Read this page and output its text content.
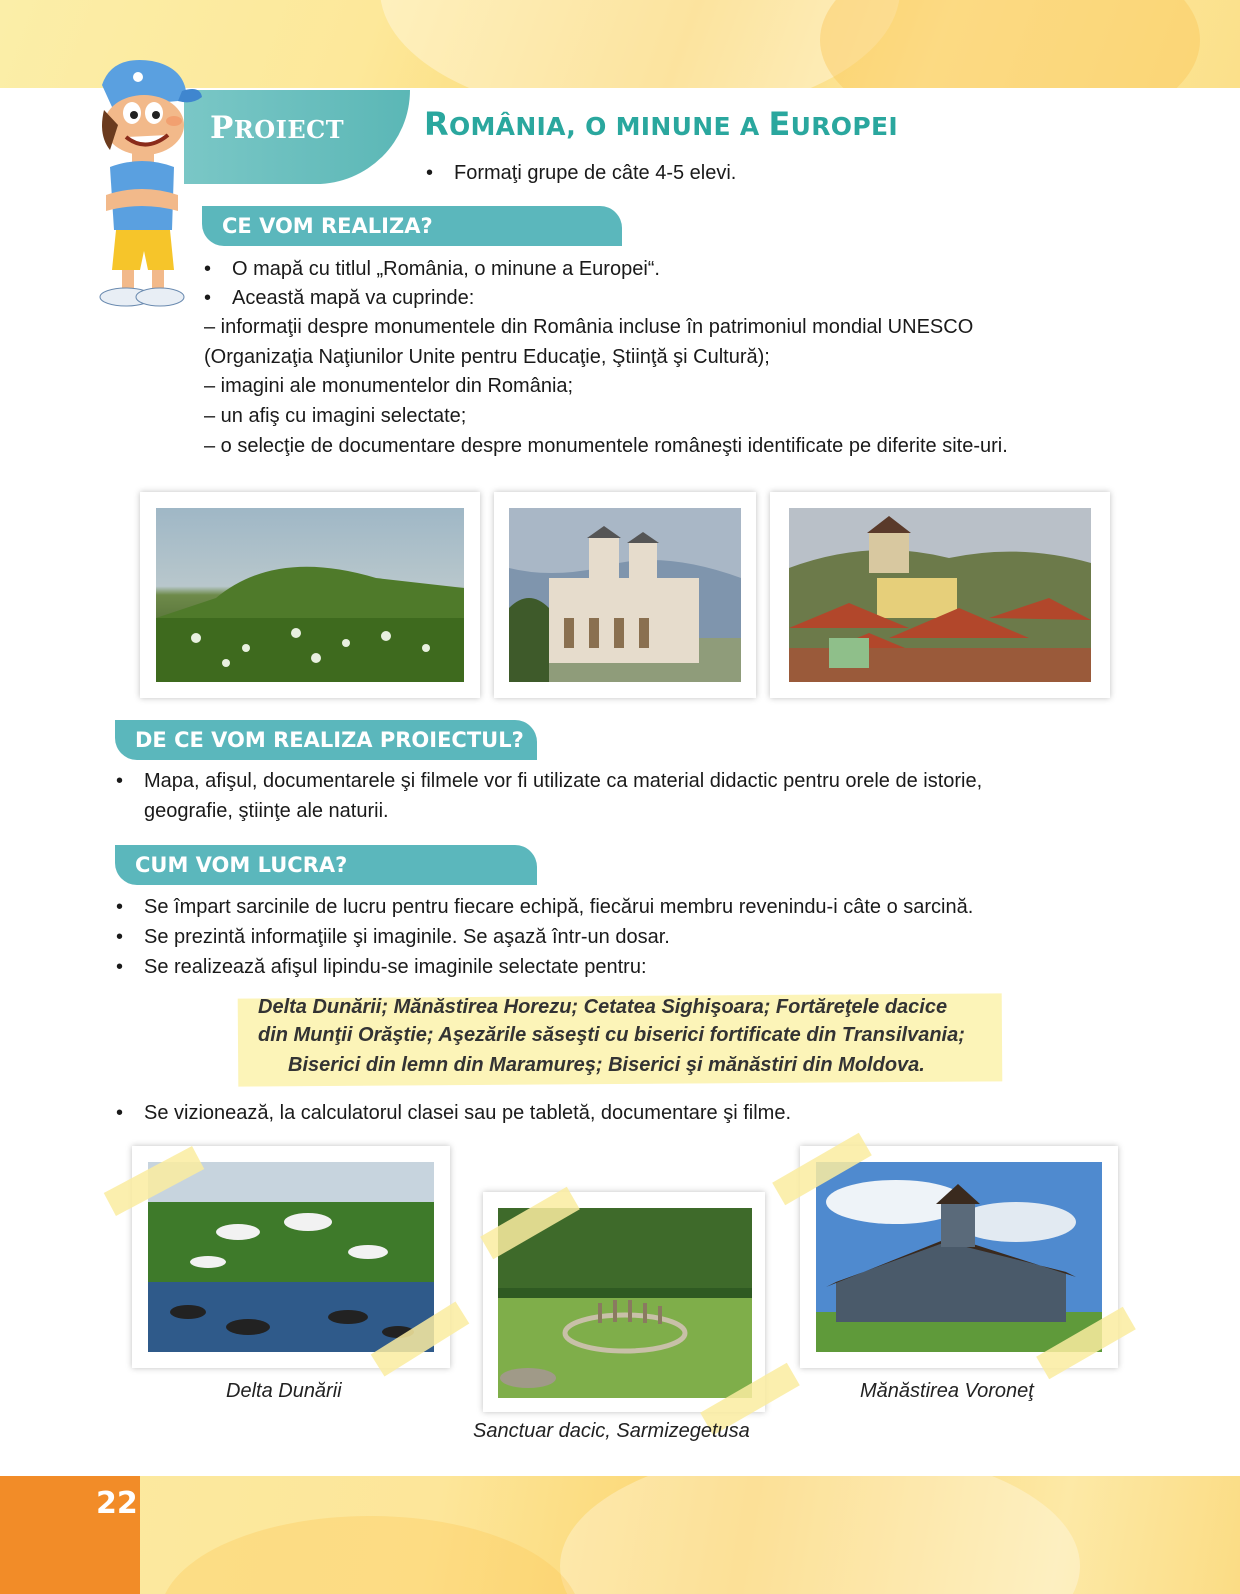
22
PROIECT ROMÂNIA, O MINUNE A EUROPEI
• Formaţi grupe de câte 4-5 elevi.
CE VOM REALIZA?
• O mapă cu titlul „România, o minune a Europei“.
• Această mapă va cuprinde:
– informaţii despre monumentele din România incluse în patrimoniul mondial UNESCO
(Organizaţia Naţiunilor Unite pentru Educaţie, Ştiinţă şi Cultură);
– imagini ale monumentelor din România;
– un afiş cu imagini selectate;
– o selecţie de documentare despre monumentele româneşti identificate pe diferite site-uri.
DE CE VOM REALIZA PROIECTUL?
• Mapa, afişul, documentarele şi filmele vor fi utilizate ca material didactic pentru orele de istorie,
geografie, ştiinţe ale naturii.
CUM VOM LUCRA?
• Se împart sarcinile de lucru pentru fiecare echipă, fiecărui membru revenindu-i câte o sarcină.
• Se prezintă informaţiile şi imaginile. Se aşază într-un dosar.
• Se realizează afişul lipindu-se imaginile selectate pentru:
Delta Dunării; Mănăstirea Horezu; Cetatea Sighişoara; Fortăreţele dacice
din Munţii Orăştie; Aşezările săseşti cu biserici fortificate din Transilvania;
Biserici din lemn din Maramureş; Biserici şi mănăstiri din Moldova.
• Se vizionează, la calculatorul clasei sau pe tabletă, documentare şi filme.
Delta Dunării
Sanctuar dacic, Sarmizegetusa
Mănăstirea Voroneţ
